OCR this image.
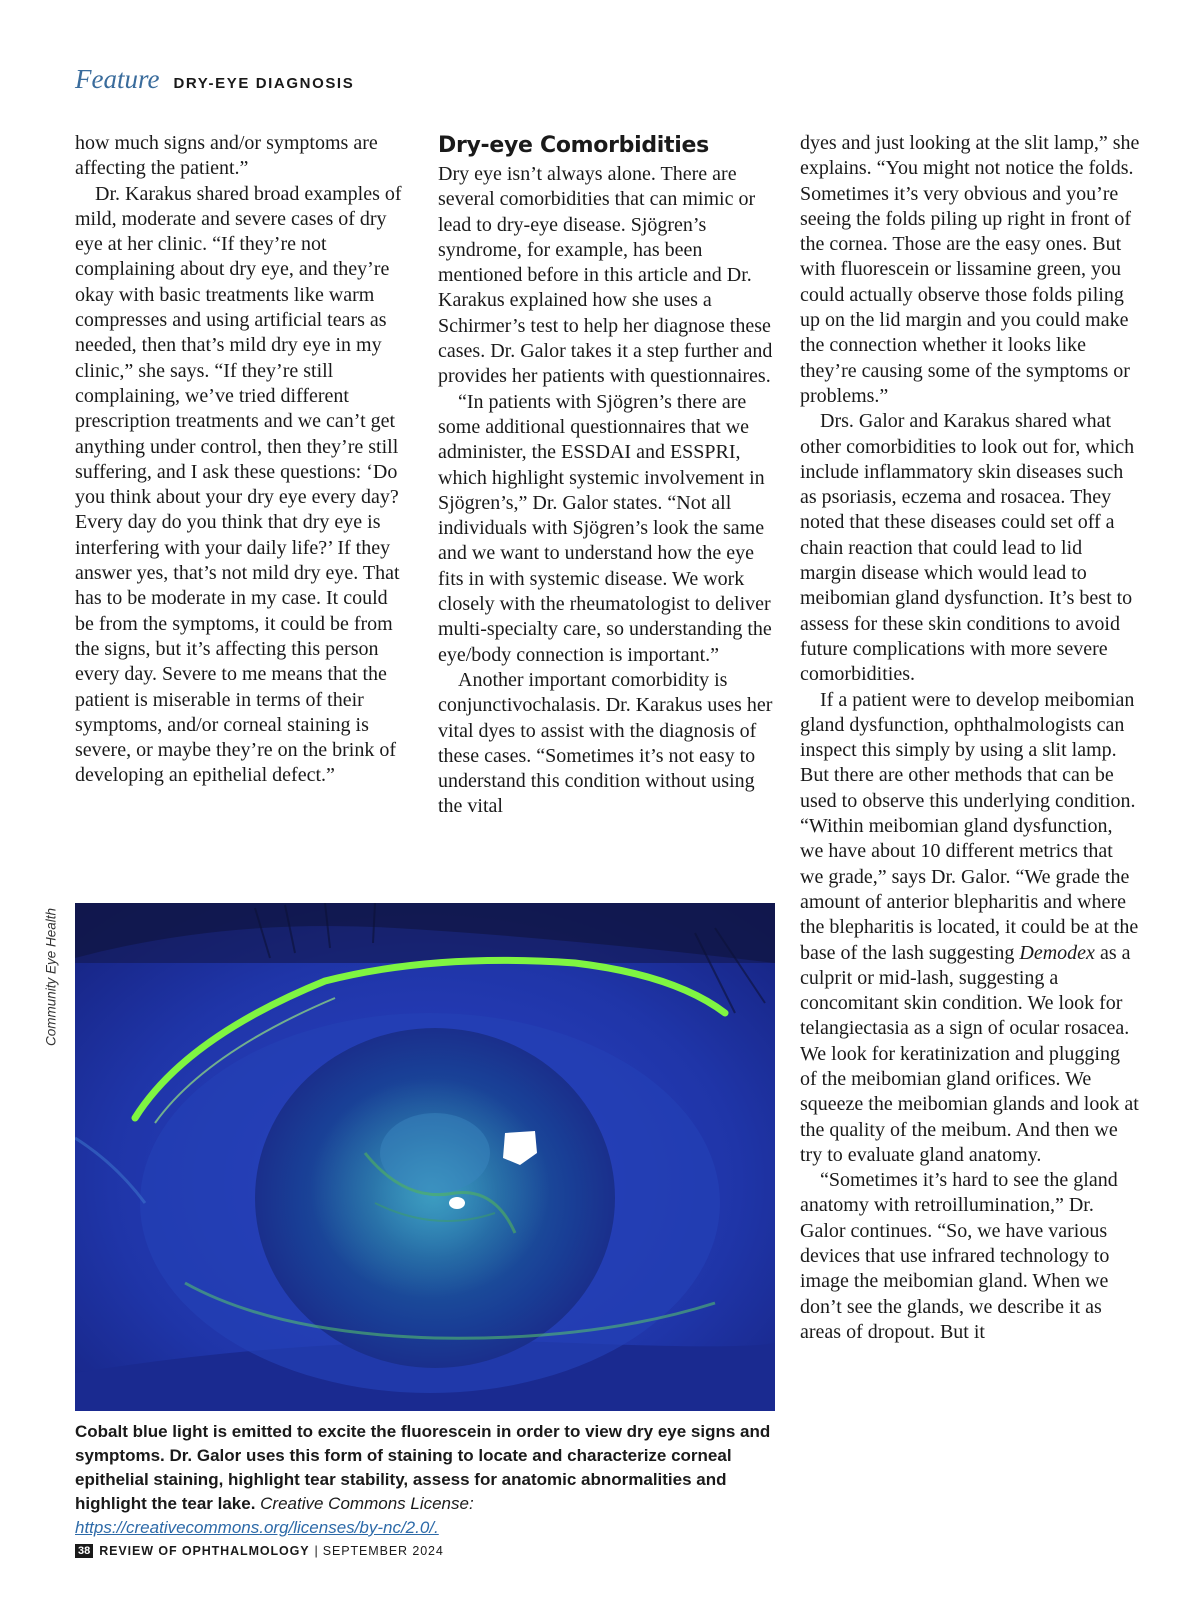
Feature DRY-EYE DIAGNOSIS

how much signs and/or symptoms are affecting the patient.”

Dr. Karakus shared broad examples of mild, moderate and severe cases of dry eye at her clinic. “If they’re not complaining about dry eye, and they’re okay with basic treatments like warm compresses and using artificial tears as needed, then that’s mild dry eye in my clinic,” she says. “If they’re still complaining, we’ve tried different prescription treatments and we can’t get anything under control, then they’re still suffering, and I ask these questions: ‘Do you think about your dry eye every day? Every day do you think that dry eye is interfering with your daily life?’ If they answer yes, that’s not mild dry eye. That has to be moderate in my case. It could be from the symptoms, it could be from the signs, but it’s affecting this person every day. Severe to me means that the patient is miserable in terms of their symptoms, and/or corneal staining is severe, or maybe they’re on the brink of developing an epithelial defect.”

Dry-eye Comorbidities

Dry eye isn’t always alone. There are several comorbidities that can mimic or lead to dry-eye disease. Sjögren’s syndrome, for example, has been mentioned before in this article and Dr. Karakus explained how she uses a Schirmer’s test to help her diagnose these cases. Dr. Galor takes it a step further and provides her patients with questionnaires.

“In patients with Sjögren’s there are some additional questionnaires that we administer, the ESSDAI and ESSPRI, which highlight systemic involvement in Sjögren’s,” Dr. Galor states. “Not all individuals with Sjögren’s look the same and we want to understand how the eye fits in with systemic disease. We work closely with the rheumatologist to deliver multi-specialty care, so understanding the eye/body connection is important.”

Another important comorbidity is conjunctivochalasis. Dr. Karakus uses her vital dyes to assist with the diagnosis of these cases. “Sometimes it’s not easy to understand this condition without using the vital

dyes and just looking at the slit lamp,” she explains. “You might not notice the folds. Sometimes it’s very obvious and you’re seeing the folds piling up right in front of the cornea. Those are the easy ones. But with fluorescein or lissamine green, you could actually observe those folds piling up on the lid margin and you could make the connection whether it looks like they’re causing some of the symptoms or problems.”

Drs. Galor and Karakus shared what other comorbidities to look out for, which include inflammatory skin diseases such as psoriasis, eczema and rosacea. They noted that these diseases could set off a chain reaction that could lead to lid margin disease which would lead to meibomian gland dysfunction. It’s best to assess for these skin conditions to avoid future complications with more severe comorbidities.

If a patient were to develop meibomian gland dysfunction, ophthalmologists can inspect this simply by using a slit lamp. But there are other methods that can be used to observe this underlying condition. “Within meibomian gland dysfunction, we have about 10 different metrics that we grade,” says Dr. Galor. “We grade the amount of anterior blepharitis and where the blepharitis is located, it could be at the base of the lash suggesting Demodex as a culprit or mid-lash, suggesting a concomitant skin condition. We look for telangiectasia as a sign of ocular rosacea. We look for keratinization and plugging of the meibomian gland orifices. We squeeze the meibomian glands and look at the quality of the meibum. And then we try to evaluate gland anatomy.

“Sometimes it’s hard to see the gland anatomy with retroillumination,” Dr. Galor continues. “So, we have various devices that use infrared technology to image the meibomian gland. When we don’t see the glands, we describe it as areas of dropout. But it

Community Eye Health
Cobalt blue light is emitted to excite the fluorescein in order to view dry eye signs and symptoms. Dr. Galor uses this form of staining to locate and characterize corneal epithelial staining, highlight tear stability, assess for anatomic abnormalities and highlight the tear lake. Creative Commons License: https://creativecommons.org/licenses/by-nc/2.0/.
38 REVIEW OF OPHTHALMOLOGY | SEPTEMBER 2024
